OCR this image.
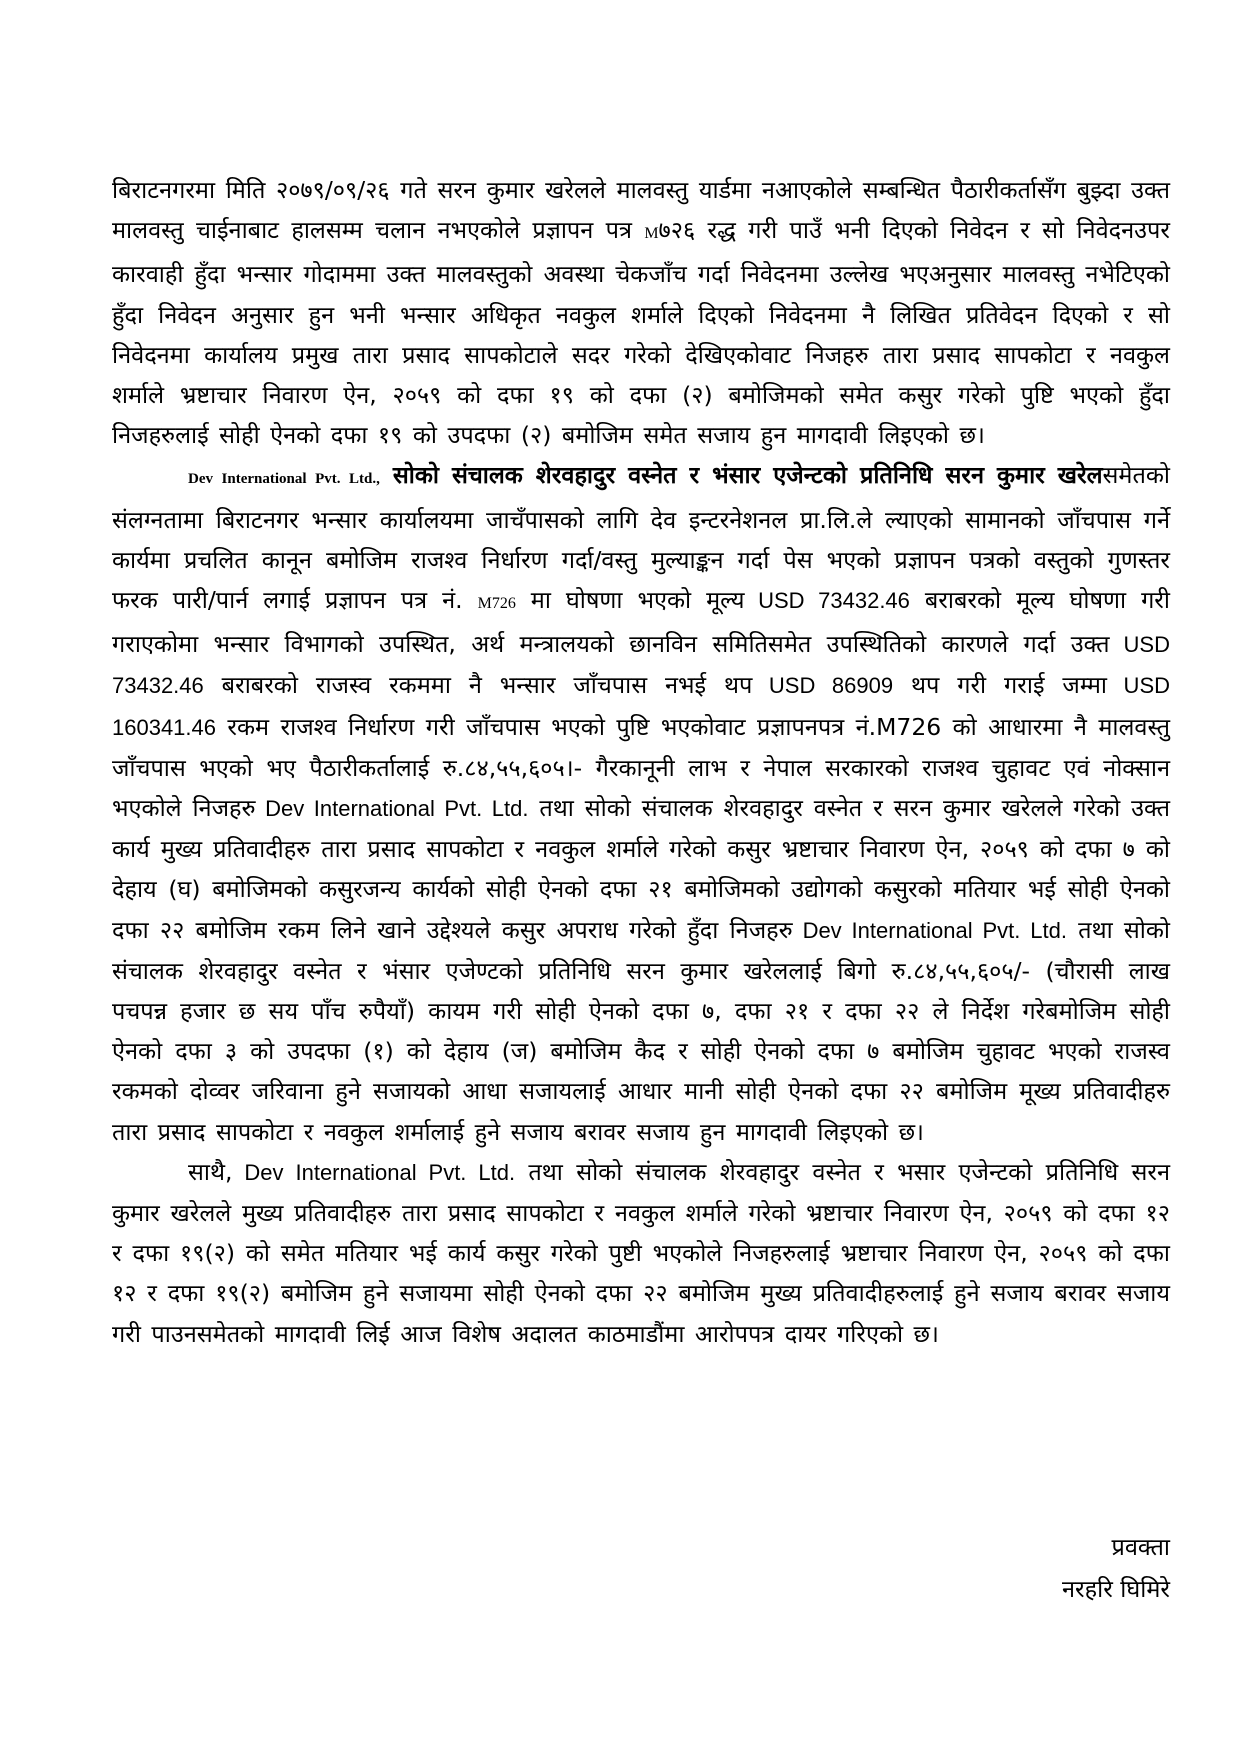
बिराटनगरमा मिति २०७९/०९/२६ गते सरन कुमार खरेलले मालवस्तु यार्डमा नआएकोले सम्बन्धित पैठारीकर्तासँग बुझ्दा उक्त मालवस्तु चाईनाबाट हालसम्म चलान नभएकोले प्रज्ञापन पत्र M७२६ रद्ध गरी पाउँ भनी दिएको निवेदन र सो निवेदनउपर कारवाही हुँदा भन्सार गोदाममा उक्त मालवस्तुको अवस्था चेकजाँच गर्दा निवेदनमा उल्लेख भएअनुसार मालवस्तु नभेटिएको हुँदा निवेदन अनुसार हुन भनी भन्सार अधिकृत नवकुल शर्मा‍ले दिएको निवेदनमा नै लिखित प्रतिवेदन दिएको र सो निवेदनमा कार्यालय प्रमुख तारा प्रसाद सापकोटाले सदर गरेको देखिएकोवाट निजहरु तारा प्रसाद सापकोटा र नवकुल शर्मा‍ले भ्रष्टाचार निवारण ऐन, २०५९ को दफा १९ को दफा (२) बमोजिमको समेत कसुर गरेको पुष्टि भएको हुँदा निजहरुलाई सोही ऐनको दफा १९ को उपदफा (२) बमोजिम समेत सजाय हुन मागदावी लिइएको छ।

Dev International Pvt. Ltd., सोको संचालक शेरवहादुर वस्नेत र भंसार एजेन्टको प्रतिनिधि सरन कुमार खरेलसमेतको संलग्नतामा बिराटनगर भन्सार कार्यालयमा जाचँपासको लागि देव इन्टरनेशनल प्रा.लि.ले ल्याएको सामानको जाँचपास गर्ने कार्यमा प्रचलित कानून बमोजिम राजश्व निर्धारण गर्दा/वस्तु मुल्याङ्कन गर्दा पेस भएको प्रज्ञापन पत्रको वस्तुको गुणस्तर फरक पारी/पार्न लगाई प्रज्ञापन पत्र नं. M726 मा घोषणा भएको मूल्य USD 73432.46 बराबरको मूल्य घोषणा गरी गराएकोमा भन्सार विभागको उपस्थित, अर्थ मन्त्रालयको छानविन समितिसमेत उपस्थितिको कारणले गर्दा उक्त USD 73432.46 बराबरको राजस्व रकममा नै भन्सार जाँचपास नभई थप USD 86909 थप गरी गराई जम्मा USD 160341.46 रकम राजश्व निर्धारण गरी जाँचपास भएको पुष्टि भएकोवाट प्रज्ञापनपत्र नं.M726 को आधारमा नै मालवस्तु जाँचपास भएको भए पैठारीकर्तालाई रु.८४,५५,६०५।- गैरकानूनी लाभ र नेपाल सरकारको राजश्व चुहावट एवं नोक्सान भएकोले निजहरु Dev International Pvt. Ltd. तथा सोको संचालक शेरवहादुर वस्नेत र सरन कुमार खरेलले गरेको उक्त कार्य मुख्य प्रतिवादीहरु तारा प्रसाद सापकोटा र नवकुल शर्मा‍ले गरेको कसुर भ्रष्टाचार निवारण ऐन, २०५९ को दफा ७ को देहाय (घ) बमोजिमको कसुरजन्य कार्यको सोही ऐनको दफा २१ बमोजिमको उद्योगको कसुरको मतियार भई सोही ऐनको दफा २२ बमोजिम रकम लिने खाने उद्देश्यले कसुर अपराध गरेको हुँदा निजहरु Dev International Pvt. Ltd. तथा सोको संचालक शेरवहादुर वस्नेत र भंसार एजेण्टको प्रतिनिधि सरन कुमार खरेललाई बिगो रु.८४,५५,६०५/- (चौरासी लाख पचपन्न हजार छ सय पाँच रुपैयाँ) कायम गरी सोही ऐनको दफा ७, दफा २१ र दफा २२ ले निर्देश गरेबमोजिम सोही ऐनको दफा ३ को उपदफा (१) को देहाय (ज) बमोजिम कैद र सोही ऐनको दफा ७ बमोजिम चुहावट भएको राजस्व रकमको दोव्वर जरिवाना हुने सजायको आधा सजायलाई आधार मानी सोही ऐनको दफा २२ बमोजिम मूख्य प्रतिवादीहरु तारा प्रसाद सापकोटा र नवकुल शर्मा‍लाई हुने सजाय बरावर सजाय हुन मागदावी लिइएको छ।

साथै, Dev International Pvt. Ltd. तथा सोको संचालक शेरवहादुर वस्नेत र भसार एजेन्टको प्रतिनिधि सरन कुमार खरेलले मुख्य प्रतिवादीहरु तारा प्रसाद सापकोटा र नवकुल शर्मा‍ले गरेको भ्रष्टाचार निवारण ऐन, २०५९ को दफा १२ र दफा १९(२) को समेत मतियार भई कार्य कसुर गरेको पुष्टी भएकोले निजहरुलाई भ्रष्टाचार निवारण ऐन, २०५९ को दफा १२ र दफा १९(२) बमोजिम हुने सजायमा सोही ऐनको दफा २२ बमोजिम मुख्य प्रतिवादीहरुलाई हुने सजाय बरावर सजाय गरी पाउनसमेतको मागदावी लिई आज विशेष अदालत काठमाडौंमा आरोपपत्र दायर गरिएको छ।

प्रवक्ता
नरहरि घिमिरे
